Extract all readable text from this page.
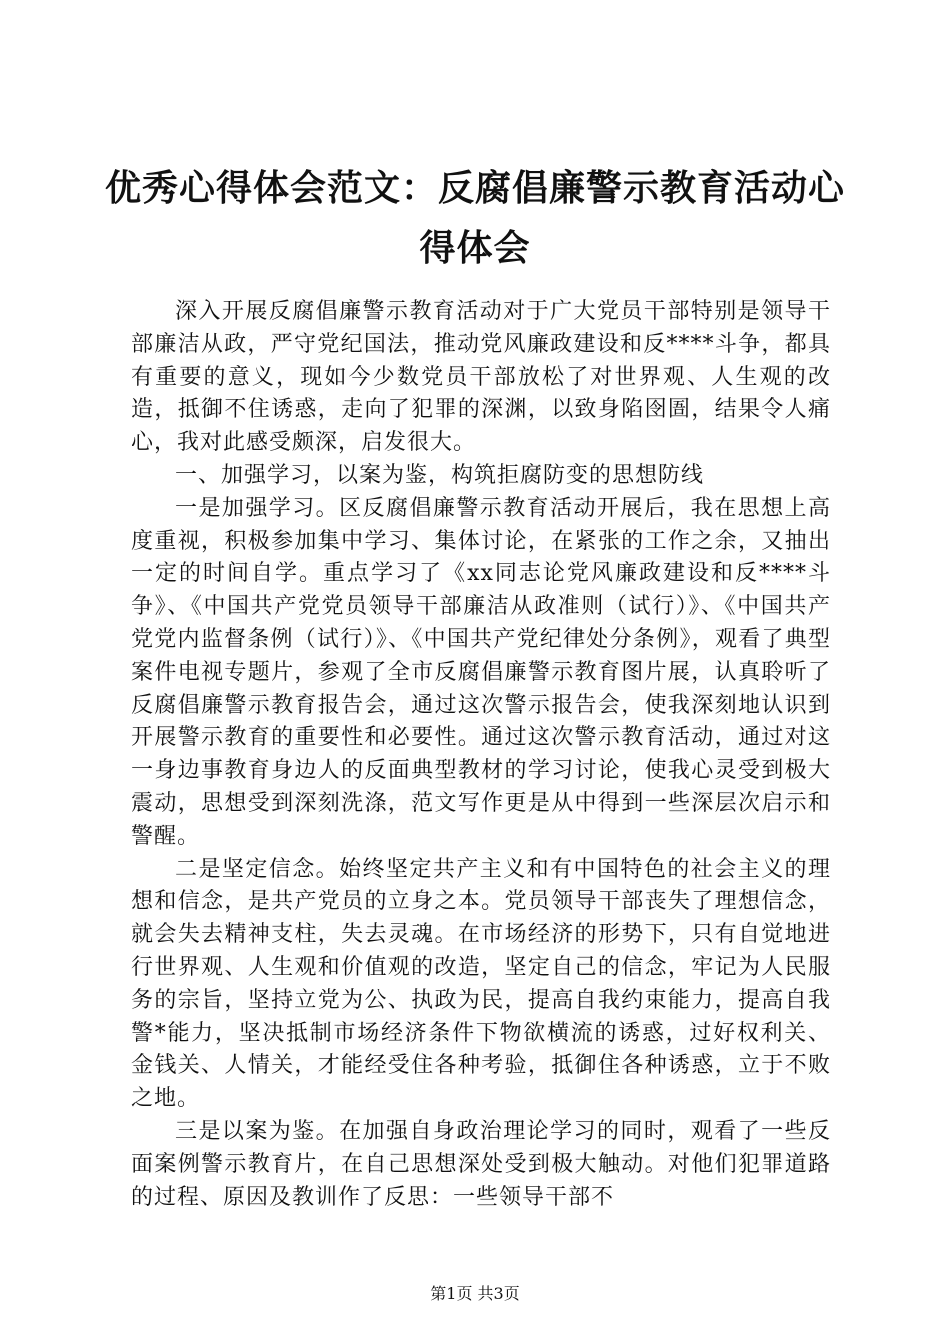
优秀心得体会范文：反腐倡廉警示教育活动心得体会

深入开展反腐倡廉警示教育活动对于广大党员干部特别是领导干部廉洁从政，严守党纪国法，推动党风廉政建设和反****斗争，都具有重要的意义，现如今少数党员干部放松了对世界观、人生观的改造，抵御不住诱惑，走向了犯罪的深渊，以致身陷囹圄，结果令人痛心，我对此感受颇深，启发很大。

一、加强学习，以案为鉴，构筑拒腐防变的思想防线

一是加强学习。区反腐倡廉警示教育活动开展后，我在思想上高度重视，积极参加集中学习、集体讨论，在紧张的工作之余，又抽出一定的时间自学。重点学习了《xx同志论党风廉政建设和反****斗争》、《中国共产党党员领导干部廉洁从政准则（试行）》、《中国共产党党内监督条例（试行）》、《中国共产党纪律处分条例》，观看了典型案件电视专题片，参观了全市反腐倡廉警示教育图片展，认真聆听了反腐倡廉警示教育报告会，通过这次警示报告会，使我深刻地认识到开展警示教育的重要性和必要性。通过这次警示教育活动，通过对这一身边事教育身边人的反面典型教材的学习讨论，使我心灵受到极大震动，思想受到深刻洗涤，范文写作更是从中得到一些深层次启示和警醒。

二是坚定信念。始终坚定共产主义和有中国特色的社会主义的理想和信念，是共产党员的立身之本。党员领导干部丧失了理想信念，就会失去精神支柱，失去灵魂。在市场经济的形势下，只有自觉地进行世界观、人生观和价值观的改造，坚定自己的信念，牢记为人民服务的宗旨，坚持立党为公、执政为民，提高自我约束能力，提高自我警*能力，坚决抵制市场经济条件下物欲横流的诱惑，过好权利关、金钱关、人情关，才能经受住各种考验，抵御住各种诱惑，立于不败之地。

三是以案为鉴。在加强自身政治理论学习的同时，观看了一些反面案例警示教育片，在自己思想深处受到极大触动。对他们犯罪道路的过程、原因及教训作了反思：一些领导干部不

第1页 共3页
